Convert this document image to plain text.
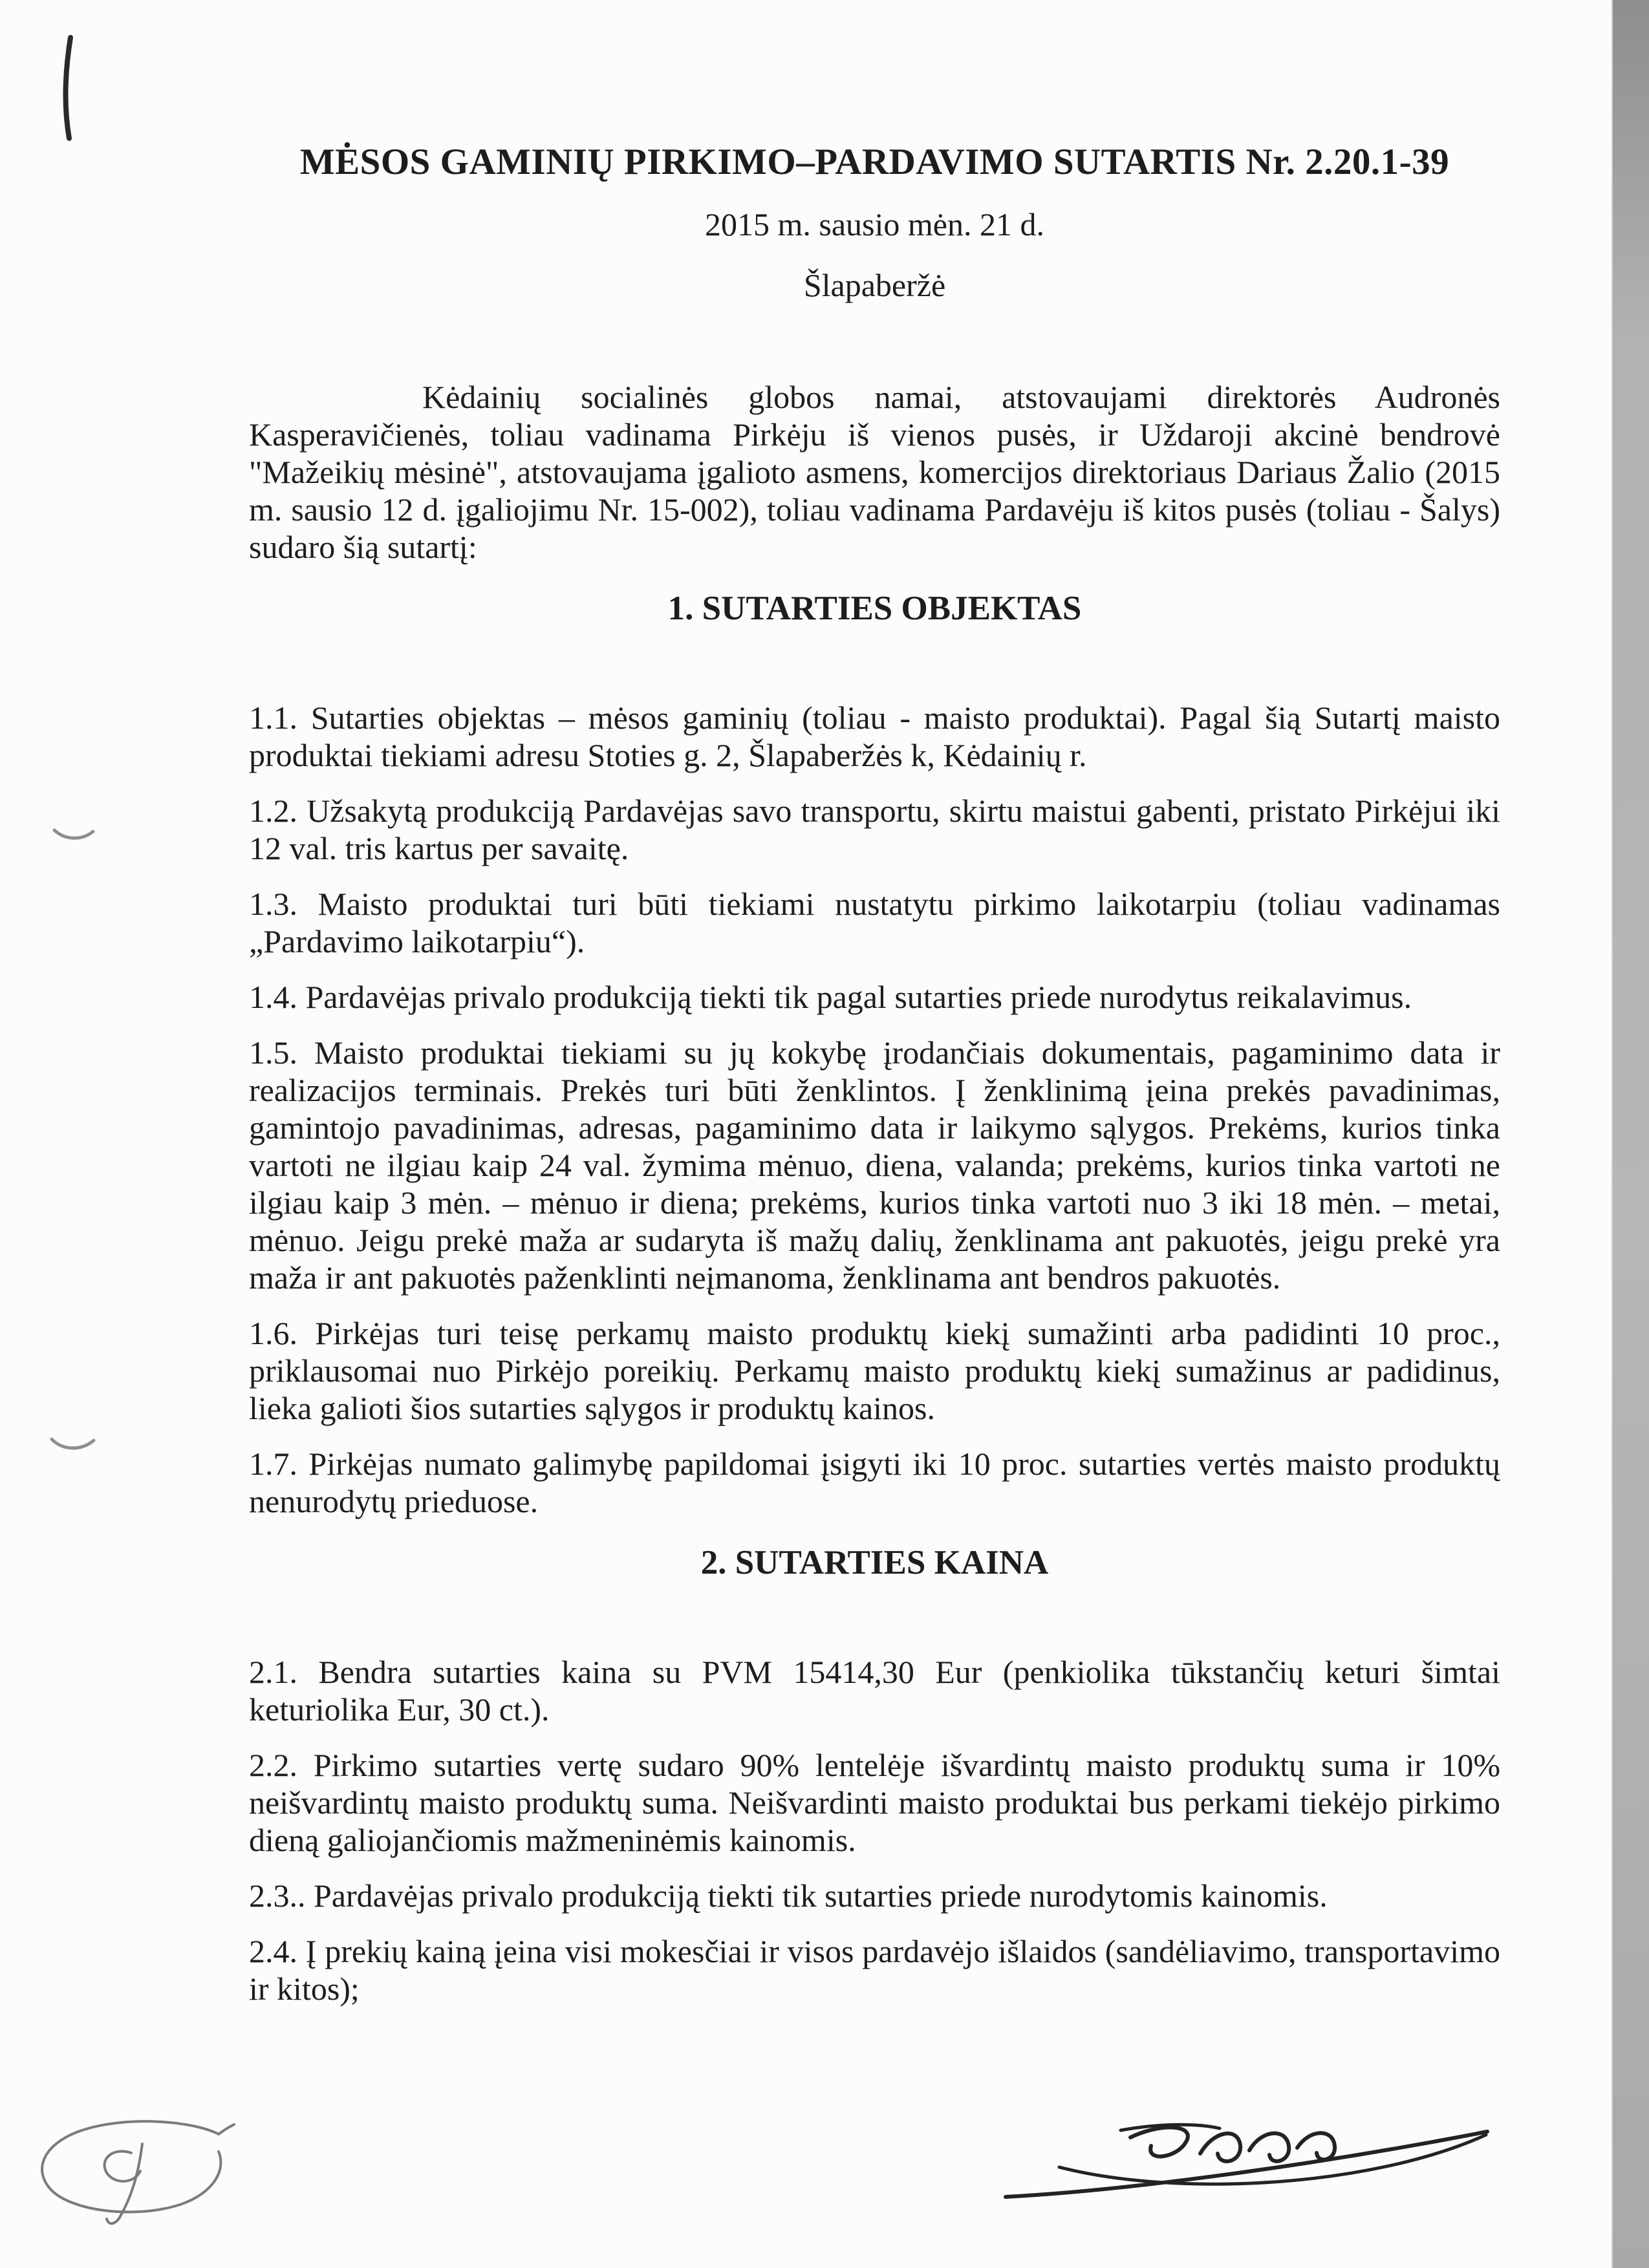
MĖSOS GAMINIŲ PIRKIMO–PARDAVIMO SUTARTIS Nr. 2.20.1-39

2015 m. sausio mėn. 21 d.

Šlapaberžė

Kėdainių socialinės globos namai, atstovaujami direktorės Audronės Kasperavičienės, toliau vadinama Pirkėju iš vienos pusės, ir Uždaroji akcinė bendrovė "Mažeikių mėsinė", atstovaujama įgalioto asmens, komercijos direktoriaus Dariaus Žalio (2015 m. sausio 12 d. įgaliojimu Nr. 15-002), toliau vadinama Pardavėju iš kitos pusės (toliau - Šalys) sudaro šią sutartį:

1. SUTARTIES OBJEKTAS

1.1. Sutarties objektas – mėsos gaminių (toliau - maisto produktai). Pagal šią Sutartį maisto produktai tiekiami adresu Stoties g. 2, Šlapaberžės k, Kėdainių r.

1.2. Užsakytą produkciją Pardavėjas savo transportu, skirtu maistui gabenti, pristato Pirkėjui iki 12 val. tris kartus per savaitę.

1.3. Maisto produktai turi būti tiekiami nustatytu pirkimo laikotarpiu (toliau vadinamas „Pardavimo laikotarpiu“).

1.4. Pardavėjas privalo produkciją tiekti tik pagal sutarties priede nurodytus reikalavimus.

1.5. Maisto produktai tiekiami su jų kokybę įrodančiais dokumentais, pagaminimo data ir realizacijos terminais. Prekės turi būti ženklintos. Į ženklinimą įeina prekės pavadinimas, gamintojo pavadinimas, adresas, pagaminimo data ir laikymo sąlygos. Prekėms, kurios tinka vartoti ne ilgiau kaip 24 val. žymima mėnuo, diena, valanda; prekėms, kurios tinka vartoti ne ilgiau kaip 3 mėn. – mėnuo ir diena; prekėms, kurios tinka vartoti nuo 3 iki 18 mėn. – metai, mėnuo. Jeigu prekė maža ar sudaryta iš mažų dalių, ženklinama ant pakuotės, jeigu prekė yra maža ir ant pakuotės paženklinti neįmanoma, ženklinama ant bendros pakuotės.

1.6. Pirkėjas turi teisę perkamų maisto produktų kiekį sumažinti arba padidinti 10 proc., priklausomai nuo Pirkėjo poreikių. Perkamų maisto produktų kiekį sumažinus ar padidinus, lieka galioti šios sutarties sąlygos ir produktų kainos.

1.7. Pirkėjas numato galimybę papildomai įsigyti iki 10 proc. sutarties vertės maisto produktų nenurodytų prieduose.

2. SUTARTIES KAINA

2.1. Bendra sutarties kaina su PVM 15414,30 Eur (penkiolika tūkstančių keturi šimtai keturiolika Eur, 30 ct.).

2.2. Pirkimo sutarties vertę sudaro 90% lentelėje išvardintų maisto produktų suma ir 10% neišvardintų maisto produktų suma. Neišvardinti maisto produktai bus perkami tiekėjo pirkimo dieną galiojančiomis mažmeninėmis kainomis.

2.3.. Pardavėjas privalo produkciją tiekti tik sutarties priede nurodytomis kainomis.

2.4. Į prekių kainą įeina visi mokesčiai ir visos pardavėjo išlaidos (sandėliavimo, transportavimo ir kitos);
